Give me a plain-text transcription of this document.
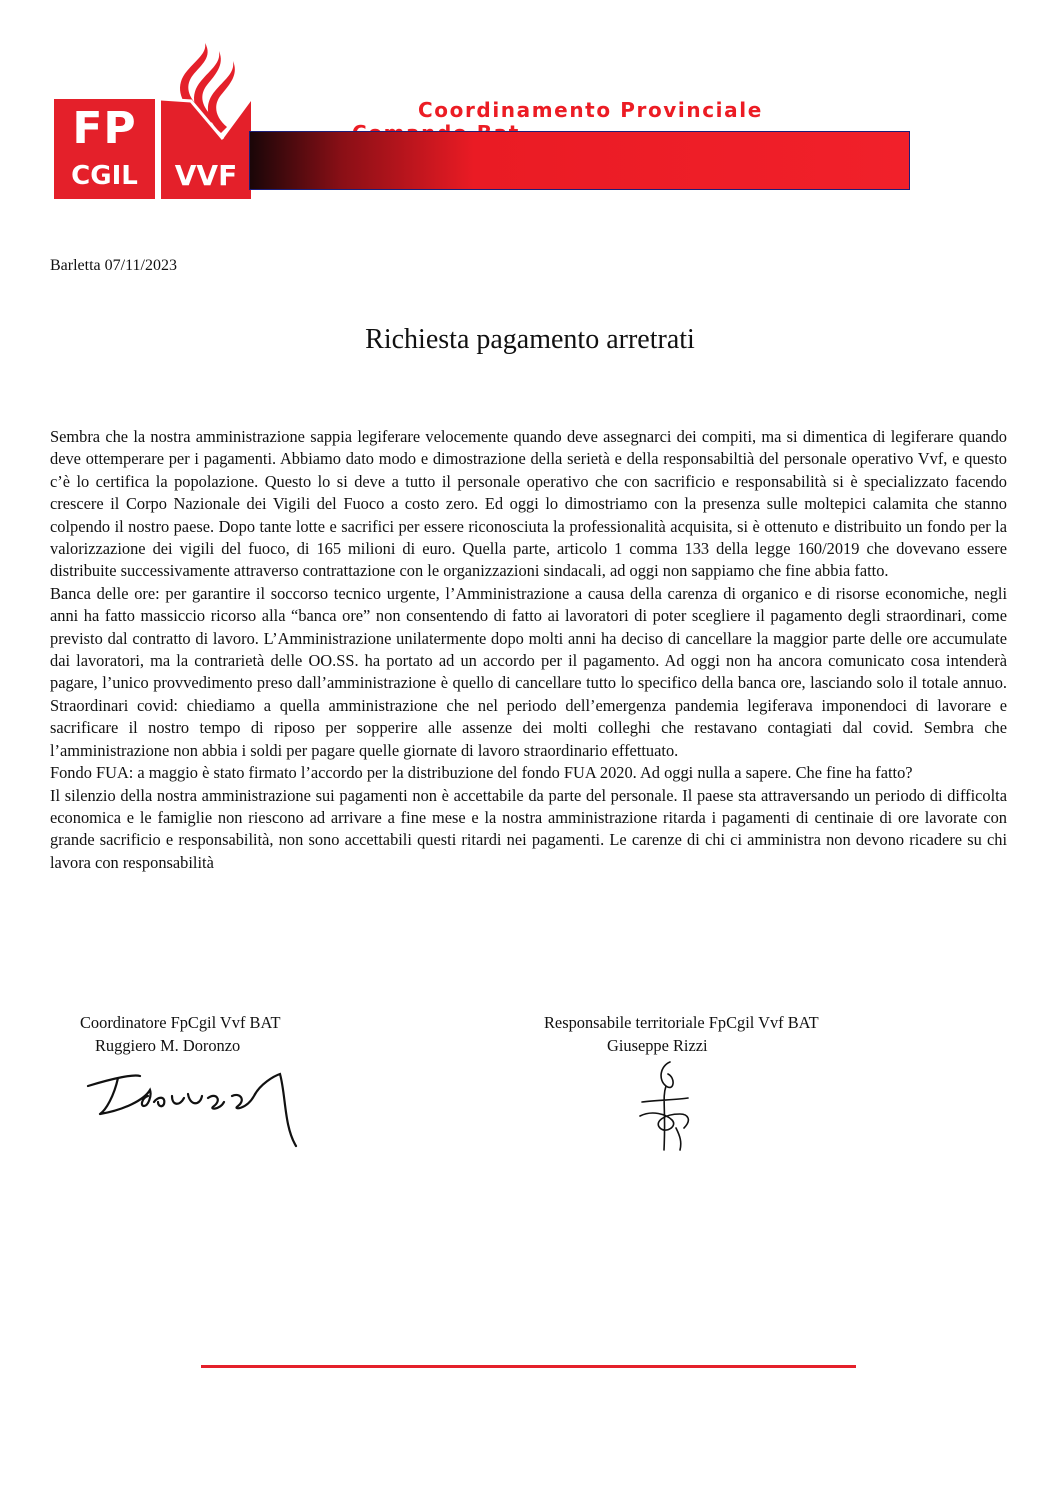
FP
CGIL	VVF
Coordinamento Provinciale
Barletta 07/11/2023
Richiesta pagamento arretrati

Sembra che la nostra amministrazione sappia legiferare velocemente quando deve assegnarci dei compiti, ma si dimentica di legiferare quando deve ottemperare per i pagamenti. Abbiamo dato modo e dimostrazione della serietà e della responsabiltià del personale operativo Vvf, e questo c’è lo certifica la popolazione. Questo lo si deve a tutto il personale operativo che con sacrificio e responsabilità si è specializzato facendo crescere il Corpo Nazionale dei Vigili del Fuoco a costo zero. Ed oggi lo dimostriamo con la presenza sulle moltepici calamita che stanno colpendo il nostro paese. Dopo tante lotte e sacrifici per essere riconosciuta la professionalità acquisita, si è ottenuto e distribuito un fondo per la valorizzazione dei vigili del fuoco, di 165 milioni di euro. Quella parte, articolo 1 comma 133 della legge 160/2019 che dovevano essere distribuite successivamente attraverso contrattazione con le organizzazioni sindacali, ad oggi non sappiamo che fine abbia fatto.

Banca delle ore: per garantire il soccorso tecnico urgente, l’Amministrazione a causa della carenza di organico e di risorse economiche, negli anni ha fatto massiccio ricorso alla “banca ore” non consentendo di fatto ai lavoratori di poter scegliere il pagamento degli straordinari, come previsto dal contratto di lavoro. L’Amministrazione unilatermente dopo molti anni ha deciso di cancellare la maggior parte delle ore accumulate dai lavoratori, ma la contrarietà delle OO.SS. ha portato ad un accordo per il pagamento. Ad oggi non ha ancora comunicato cosa intenderà pagare, l’unico provvedimento preso dall’amministrazione è quello di cancellare tutto lo specifico della banca ore, lasciando solo il totale annuo. Straordinari covid: chiediamo a quella amministrazione che nel periodo dell’emergenza pandemia legiferava imponendoci di lavorare e sacrificare il nostro tempo di riposo per sopperire alle assenze dei molti colleghi che restavano contagiati dal covid. Sembra che l’amministrazione non abbia i soldi per pagare quelle giornate di lavoro straordinario effettuato.

Fondo FUA: a maggio è stato firmato l’accordo per la distribuzione del fondo FUA 2020. Ad oggi nulla a sapere. Che fine ha fatto?

Il silenzio della nostra amministrazione sui pagamenti non è accettabile da parte del personale. Il paese sta attraversando un periodo di difficolta economica e le famiglie non riescono ad arrivare a fine mese e la nostra amministrazione ritarda i pagamenti di centinaie di ore lavorate con grande sacrificio e responsabilità, non sono accettabili questi ritardi nei pagamenti. Le carenze di chi ci amministra non devono ricadere su chi lavora con responsabilità

Coordinatore FpCgil Vvf BAT
Ruggiero M. Doronzo
Responsabile territoriale FpCgil Vvf BAT
Giuseppe Rizzi
